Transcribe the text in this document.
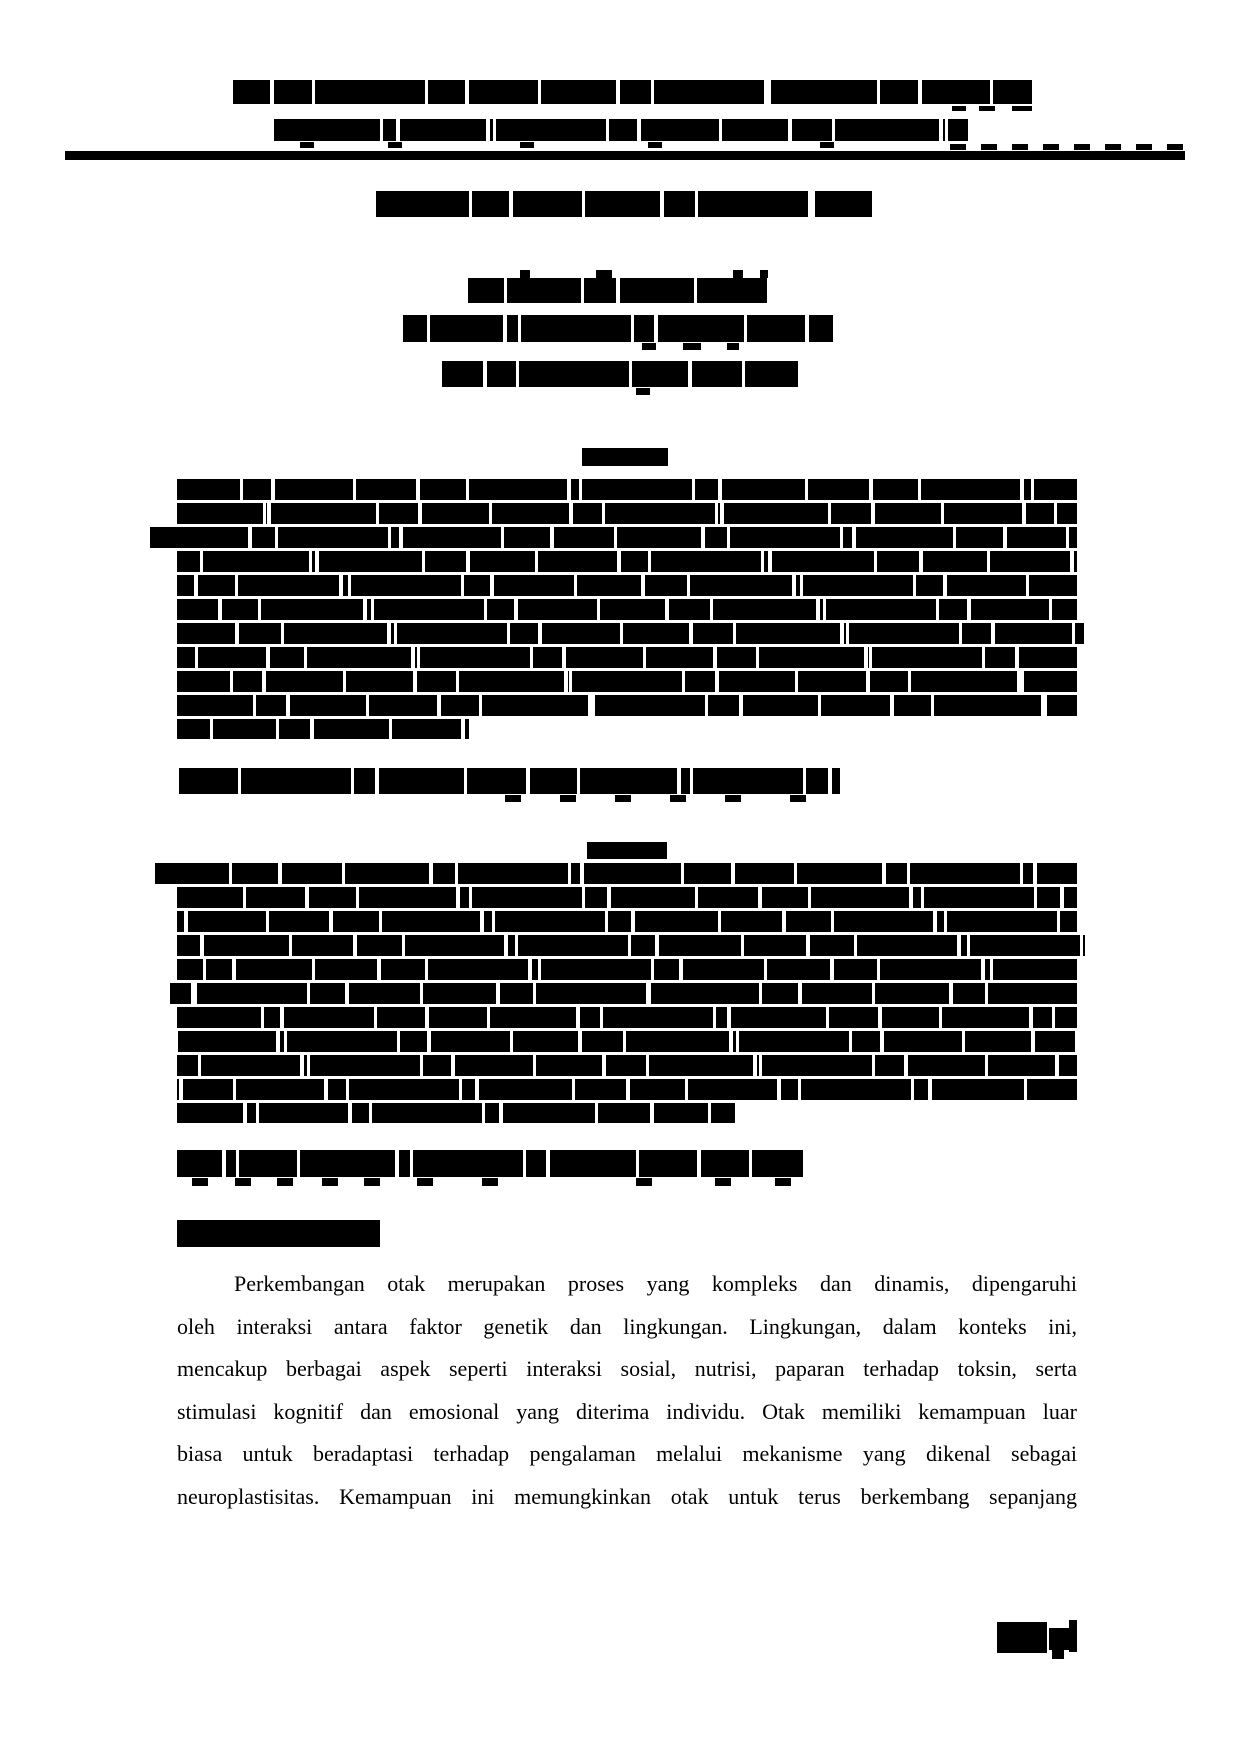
Perkembangan otak merupakan proses yang kompleks dan dinamis, dipengaruhi
oleh interaksi antara faktor genetik dan lingkungan. Lingkungan, dalam konteks ini,
mencakup berbagai aspek seperti interaksi sosial, nutrisi, paparan terhadap toksin, serta
stimulasi kognitif dan emosional yang diterima individu. Otak memiliki kemampuan luar
biasa untuk beradaptasi terhadap pengalaman melalui mekanisme yang dikenal sebagai
neuroplastisitas. Kemampuan ini memungkinkan otak untuk terus berkembang sepanjang
